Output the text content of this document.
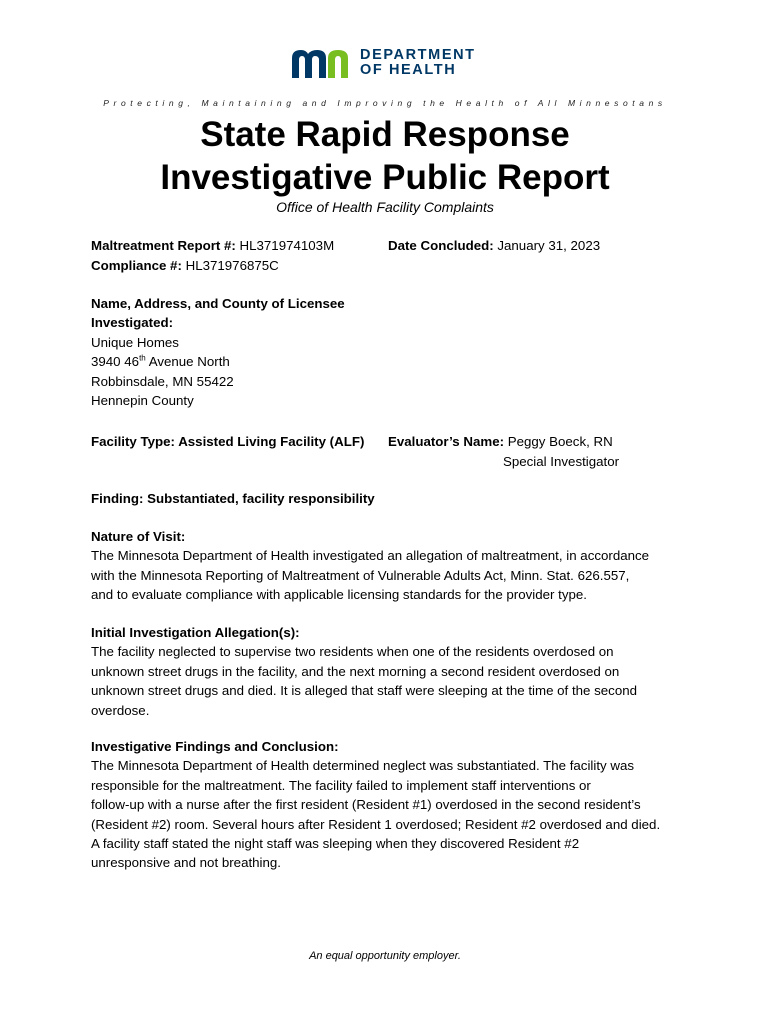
DEPARTMENT
OF HEALTH
Protecting, Maintaining and Improving the Health of All Minnesotans
State Rapid Response
Investigative Public Report
Office of Health Facility Complaints
Maltreatment Report #: HL371974103M
Compliance #: HL371976875C
Date Concluded: January 31, 2023
Name, Address, and County of Licensee
Investigated:
Unique Homes
3940 46th Avenue North
Robbinsdale, MN 55422
Hennepin County
Facility Type: Assisted Living Facility (ALF) Evaluator’s Name: Peggy Boeck, RN
Special Investigator
Finding: Substantiated, facility responsibility
Nature of Visit:
The Minnesota Department of Health investigated an allegation of maltreatment, in accordance
with the Minnesota Reporting of Maltreatment of Vulnerable Adults Act, Minn. Stat. 626.557,
and to evaluate compliance with applicable licensing standards for the provider type.
Initial Investigation Allegation(s):
The facility neglected to supervise two residents when one of the residents overdosed on
unknown street drugs in the facility, and the next morning a second resident overdosed on
unknown street drugs and died. It is alleged that staff were sleeping at the time of the second
overdose.
Investigative Findings and Conclusion:
The Minnesota Department of Health determined neglect was substantiated. The facility was
responsible for the maltreatment. The facility failed to implement staff interventions or
follow-up with a nurse after the first resident (Resident #1) overdosed in the second resident’s
(Resident #2) room. Several hours after Resident 1 overdosed; Resident #2 overdosed and died.
A facility staff stated the night staff was sleeping when they discovered Resident #2
unresponsive and not breathing.
An equal opportunity employer.
